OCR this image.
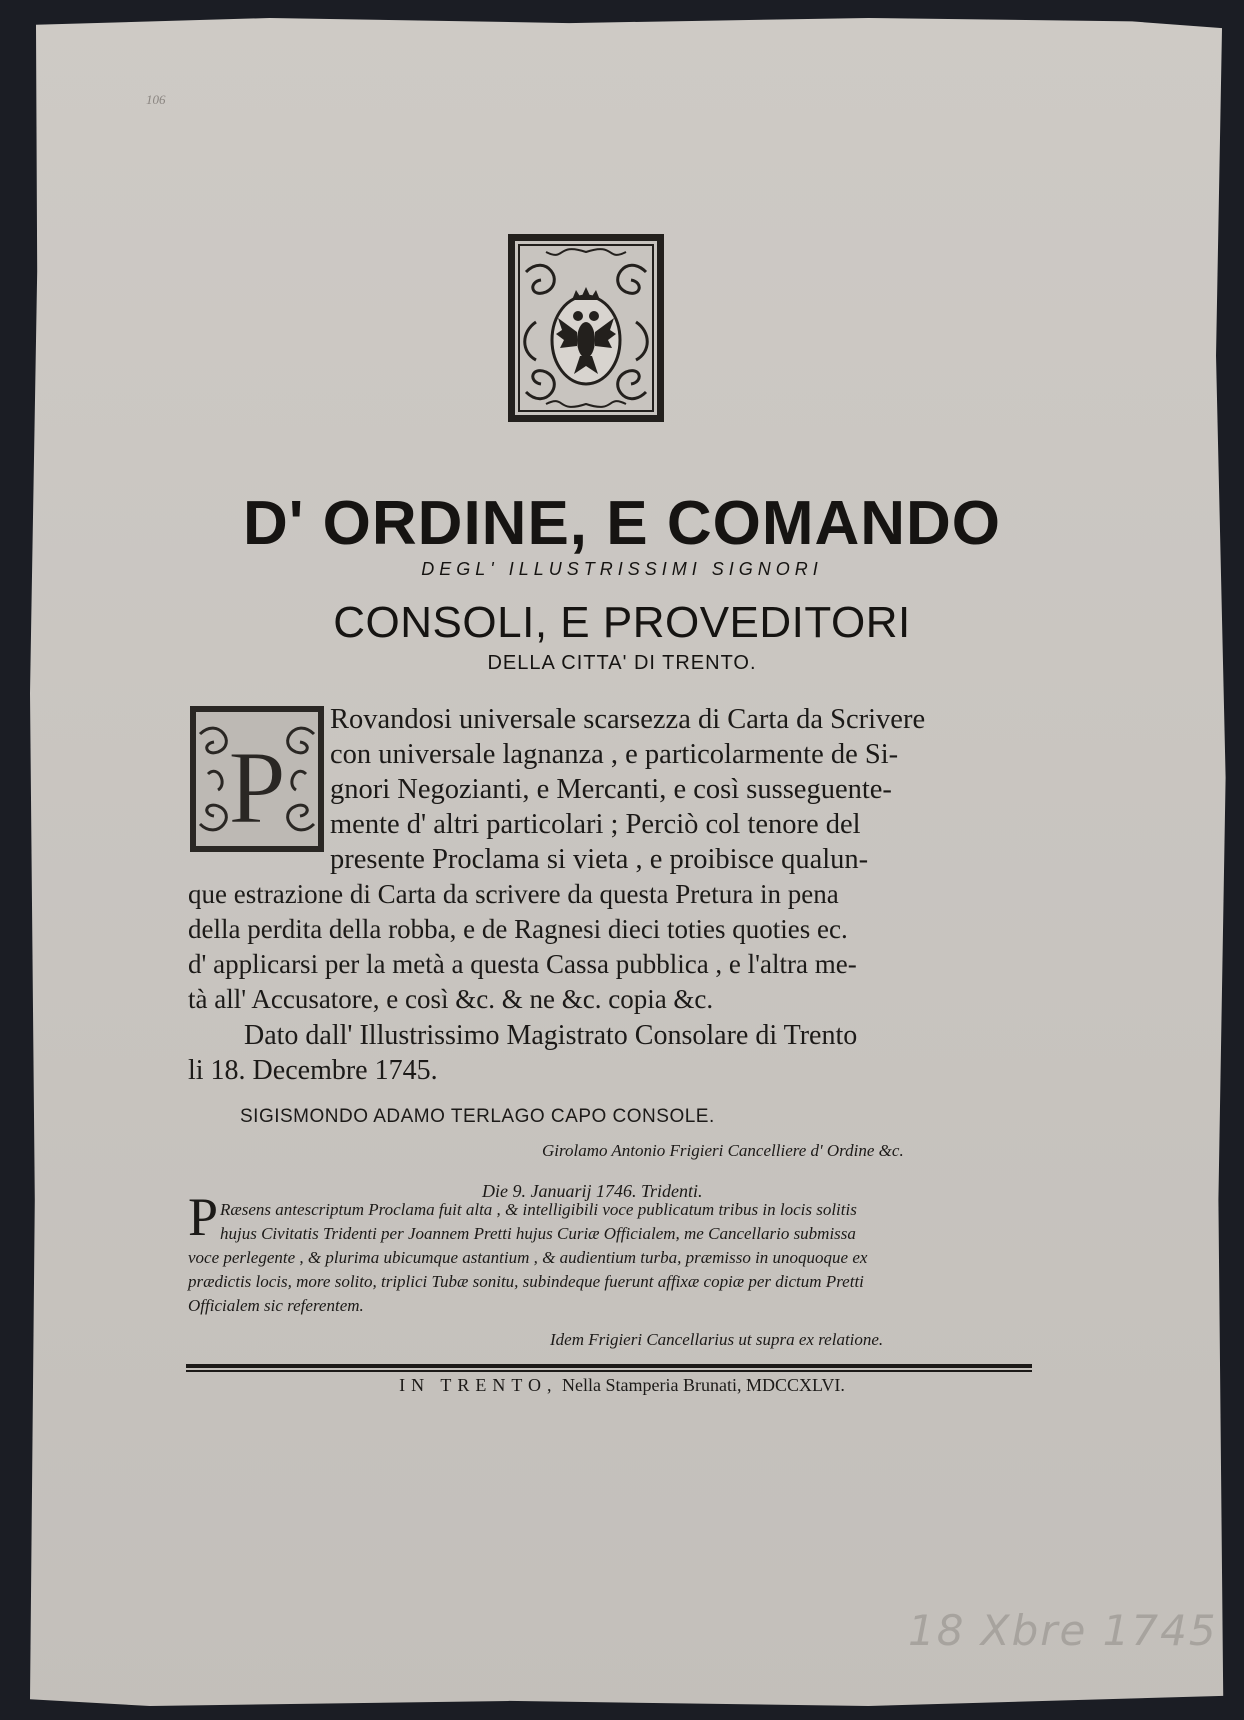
106
D' ORDINE, E COMANDO
DEGL' ILLUSTRISSIMI SIGNORI
CONSOLI, E PROVEDITORI
DELLA CITTA' DI TRENTO.
P
Rovandosi universale scarsezza di Carta da Scrivere
con universale lagnanza , e particolarmente de Si-
gnori Negozianti, e Mercanti, e così susseguente-
mente d' altri particolari ; Perciò col tenore del
presente Proclama si vieta , e proibisce qualun-
que estrazione di Carta da scrivere da questa Pretura in pena
della perdita della robba, e de Ragnesi dieci toties quoties ec.
d' applicarsi per la metà a questa Cassa pubblica , e l'altra me-
tà all' Accusatore, e così &c. & ne &c. copia &c.
Dato dall' Illustrissimo Magistrato Consolare di Trento
li 18. Decembre 1745.
SIGISMONDO ADAMO TERLAGO CAPO CONSOLE.
Girolamo Antonio Frigieri Cancelliere d' Ordine &c.
Die 9. Januarij 1746. Tridenti.
P Ræsens antescriptum Proclama fuit alta , & intelligibili voce publicatum tribus in locis solitis
hujus Civitatis Tridenti per Joannem Pretti hujus Curiæ Officialem, me Cancellario submissa
voce perlegente , & plurima ubicumque astantium , & audientium turba, præmisso in unoquoque ex
prædictis locis, more solito, triplici Tubæ sonitu, subindeque fuerunt affixæ copiæ per dictum Pretti
Officialem sic referentem.
Idem Frigieri Cancellarius ut supra ex relatione.
IN TRENTO, Nella Stamperia Brunati, MDCCXLVI.
18 Xbre 1745
